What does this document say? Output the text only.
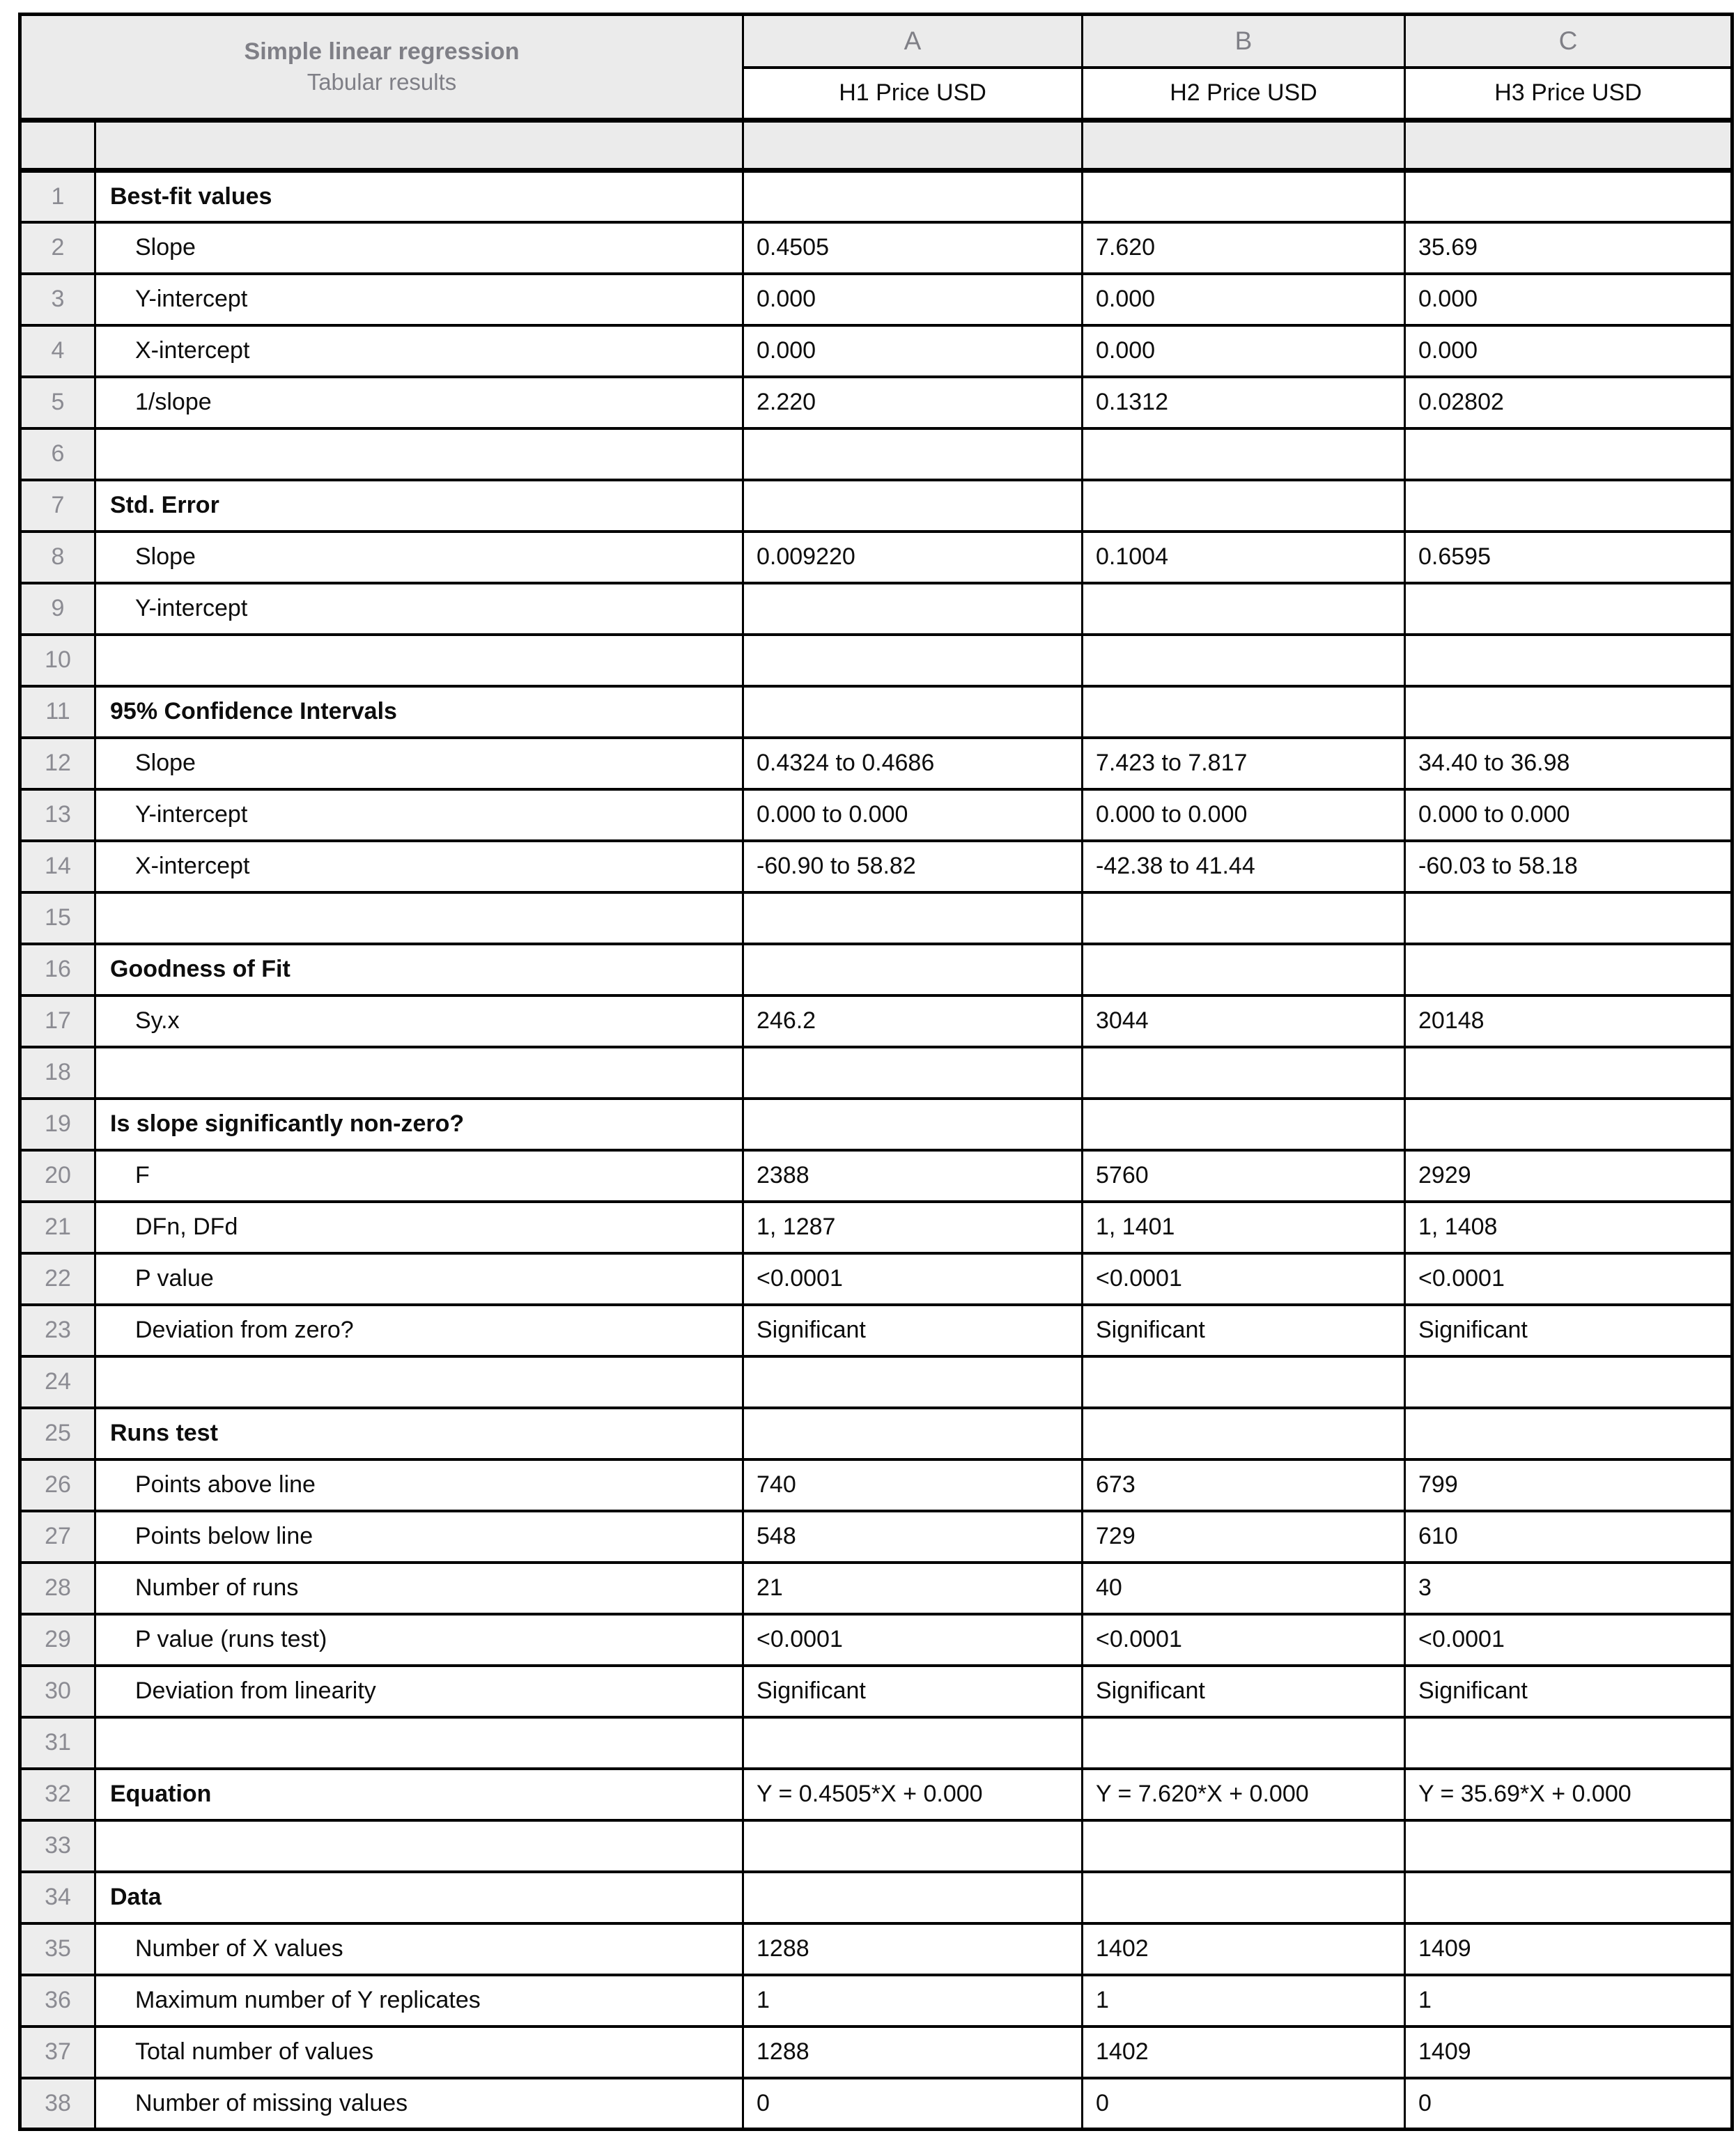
Simple linear regression
Tabular results		A	B	C
		H1 Price USD	H2 Price USD	H3 Price USD

1	Best-fit values			
2	Slope	0.4505	7.620	35.69
3	Y-intercept	0.000	0.000	0.000
4	X-intercept	0.000	0.000	0.000
5	1/slope	2.220	0.1312	0.02802
6				
7	Std. Error			
8	Slope	0.009220	0.1004	0.6595
9	Y-intercept			
10				
11	95% Confidence Intervals			
12	Slope	0.4324 to 0.4686	7.423 to 7.817	34.40 to 36.98
13	Y-intercept	0.000 to 0.000	0.000 to 0.000	0.000 to 0.000
14	X-intercept	-60.90 to 58.82	-42.38 to 41.44	-60.03 to 58.18
15				
16	Goodness of Fit			
17	Sy.x	246.2	3044	20148
18				
19	Is slope significantly non-zero?			
20	F	2388	5760	2929
21	DFn, DFd	1, 1287	1, 1401	1, 1408
22	P value	<0.0001	<0.0001	<0.0001
23	Deviation from zero?	Significant	Significant	Significant
24				
25	Runs test			
26	Points above line	740	673	799
27	Points below line	548	729	610
28	Number of runs	21	40	3
29	P value (runs test)	<0.0001	<0.0001	<0.0001
30	Deviation from linearity	Significant	Significant	Significant
31				
32	Equation	Y = 0.4505*X + 0.000	Y = 7.620*X + 0.000	Y = 35.69*X + 0.000
33				
34	Data			
35	Number of X values	1288	1402	1409
36	Maximum number of Y replicates	1	1	1
37	Total number of values	1288	1402	1409
38	Number of missing values	0	0	0
